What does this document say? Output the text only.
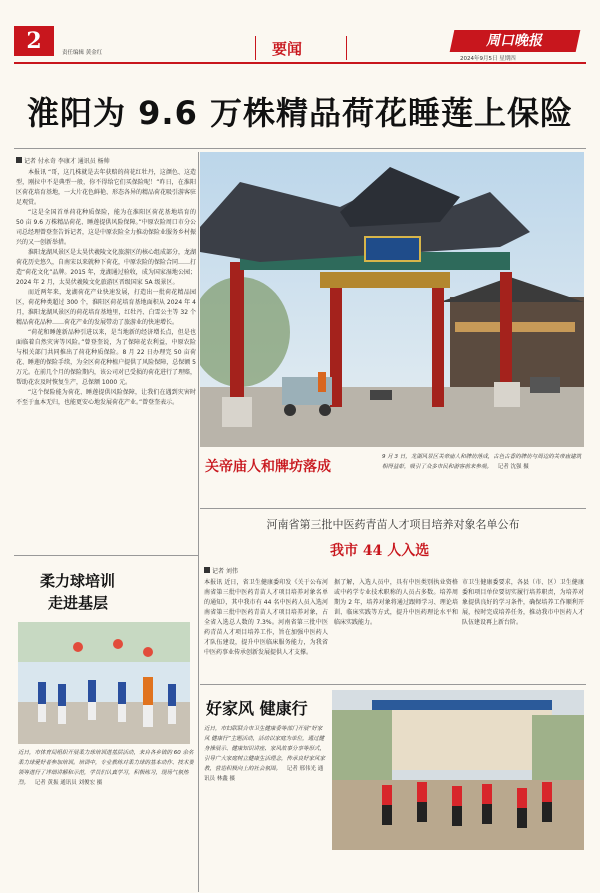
2	责任编辑 黄金红	要闻	周口晚报
2024年9月5日 星期四
淮阳为 9.6 万株精品荷花睡莲上保险
记者 付永奇 李康才 通讯员 杨帅

本报讯 “哥，这几株就是去年获赔的荷花红牡丹，这颜色、这造型，刚拉中不是典型一般，你不得给它们买保险呢！”昨日，在淮阳区荷花培育基地，一大片花色鲜艳、形态各异的精品荷花吸引游客驻足观赏。

“这是全国首单荷花种质保险，能为在淮阳区荷花基地培育的 50 亩 9.6 万株精品荷花、睡莲提供风险保障。”中原农险周口市分公司总经理曾登奎告诉记者，这是中原农险全力推动保险业服务乡村振兴的又一创新举措。

淮阳龙湖风景区是太昊伏羲陵文化旅游区的核心组成部分，龙湖荷花历史悠久，自南宋以来就种下荷花，中原农险的保险合同……打造“荷花文化”品牌。2015 年，龙湖通过验收，成为国家湿地公园；2024 年 2 月，太昊伏羲陵文化旅游区晋级国家 5A 级景区。

而近两年来，龙湖荷花产业快速发展，打造出一批荷花精品园区，荷花种类超过 300 个，淮阳区荷花培育基地面积从 2024 年 4 月，淮阳龙湖风景区的荷花培育基地里，红牡丹、白雪公主等 32 个精品荷花品种……荷花产业的发展带动了旅游业的快速增长。

“荷花和睡莲新品种引进以来，是当地新的经济增长点，但是也面临着自然灾害等风险。”曾登奎说，为了保障花农利益，中原农险与相关部门共同推出了荷花种质保险。8 月 22 日办理完 50 亩荷花、睡莲的保险手续，为全区荷花种植户提供了风险保障，总保额 5 万元。在前几个月的保险期内，该公司对已受损的荷花进行了理赔，帮助花农及时恢复生产，总保额 1000 元。

“这个保险能为荷花、睡莲提供风险保障，让我们在遇到灾害时不至于血本无归，也能更安心地发展荷花产业。”曾登奎表示。

关帝庙人和牌坊落成
9 月 3 日，龙湖风景区关帝庙人和牌坊落成，古色古香的牌坊与周边的关帝庙建筑相得益彰，吸引了众多市民和游客前来参观。 记者 沈强 摄
河南省第三批中医药青苗人才项目培养对象名单公布
我市 44 人入选
记者 刘伟
本报讯 近日，省卫生健康委印发《关于公布河南省第三批中医药青苗人才项目培养对象名单的通知》，其中我市有 44 名中医药人员入选河南省第三批中医药青苗人才项目培养对象，占全省入选总人数的 7.3%。河南省第三批中医药青苗人才项目培养工作，旨在加强中医药人才队伍建设，提升中医临床服务能力，为我省中医药事业传承创新发展提供人才支撑。
据了解，入选人员中，具有中医类别执业资格或中药学专业技术职称的人员占多数。培养周期为 2 年，培养对象将通过跟师学习、理论培训、临床实践等方式，提升中医药理论水平和临床实践能力。
市卫生健康委要求，各县（市、区）卫生健康委和项目单位要切实履行培养职责，为培养对象提供良好的学习条件，确保培养工作顺利开展，按时完成培养任务，推动我市中医药人才队伍建设再上新台阶。
柔力球培训
走进基层
近日，市体育局组织开展柔力球培训进基层活动，来自各乡镇的 60 余名柔力球爱好者参加培训。培训中，专业教练对柔力球的基本动作、技术要领等进行了详细讲解和示范，学员们认真学习，积极练习，现场气氛热烈。 记者 黄振 通讯员 刘俊宏 摄
好家风 健康行
近日，市妇联联合市卫生健康委等部门开展“好家风 健康行”主题活动，活动以家庭为单位，通过健身操展示、健康知识讲座、家风故事分享等形式，引导广大家庭树立健康生活理念，传承良好家风家教，营造积极向上的社会氛围。 记者 邢伟光 通讯员 林鑫 摄
